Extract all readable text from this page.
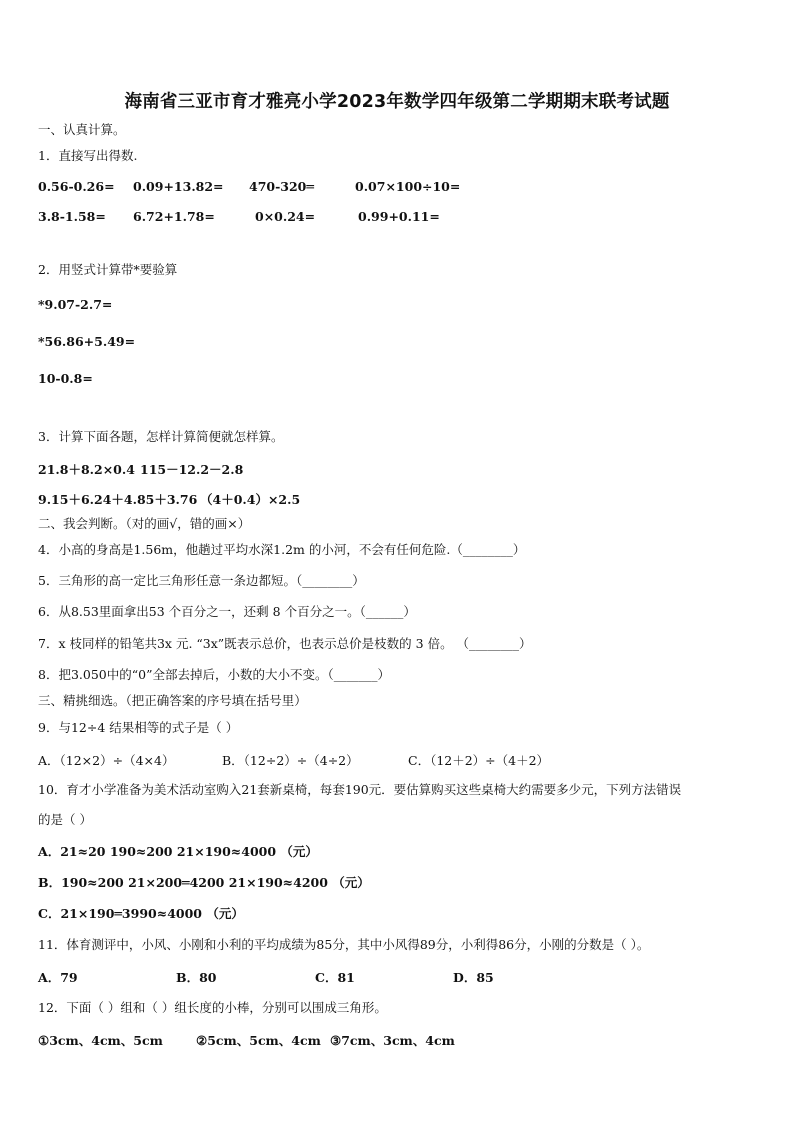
海南省三亚市育才雅亮小学2023年数学四年级第二学期期末联考试题
一、认真计算。
1．直接写出得数.
0.56-0.26= 0.09+13.82= 470-320═	0.07×100÷10=
3.8-1.58= 6.72+1.78=	0×0.24=	0.99+0.11=
2．用竖式计算带*要验算
*9.07-2.7=
*56.86+5.49=
10-0.8=
3．计算下面各题，怎样计算简便就怎样算。
21.8＋8.2×0.4 115－12.2－2.8
9.15＋6.24＋4.85＋3.76 （4＋0.4）×2.5
二、我会判断。（对的画√，错的画×）
4．小高的身高是1.56m，他趟过平均水深1.2m 的小河，不会有任何危险.（________）
5．三角形的高一定比三角形任意一条边都短。（________）
6．从8.53里面拿出53 个百分之一，还剩 8 个百分之一。（______）
7．x 枝同样的铅笔共3x 元. “3x”既表示总价，也表示总价是枝数的 3 倍。 （________）
8．把3.050中的“0”全部去掉后，小数的大小不变。（_______）
三、精挑细选。（把正确答案的序号填在括号里）
9．与12÷4 结果相等的式子是（ ）
A．（12×2）÷（4×4）	B．（12÷2）÷（4÷2）	C．（12＋2）÷（4＋2）
10．育才小学准备为美术活动室购入21套新桌椅，每套190元．要估算购买这些桌椅大约需要多少元，下列方法错误
的是（ ）
A．21≈20 190≈200 21×190≈4000 （元）
B．190≈200 21×200═4200 21×190≈4200 （元）
C．21×190═3990≈4000 （元）
11．体育测评中，小风、小刚和小利的平均成绩为85分，其中小风得89分，小利得86分，小刚的分数是（ ）。
A．79	B．80	C．81	D．85
12．下面（ ）组和（ ）组长度的小棒，分别可以围成三角形。
①3cm、4cm、5cm	②5cm、5cm、4cm ③7cm、3cm、4cm
